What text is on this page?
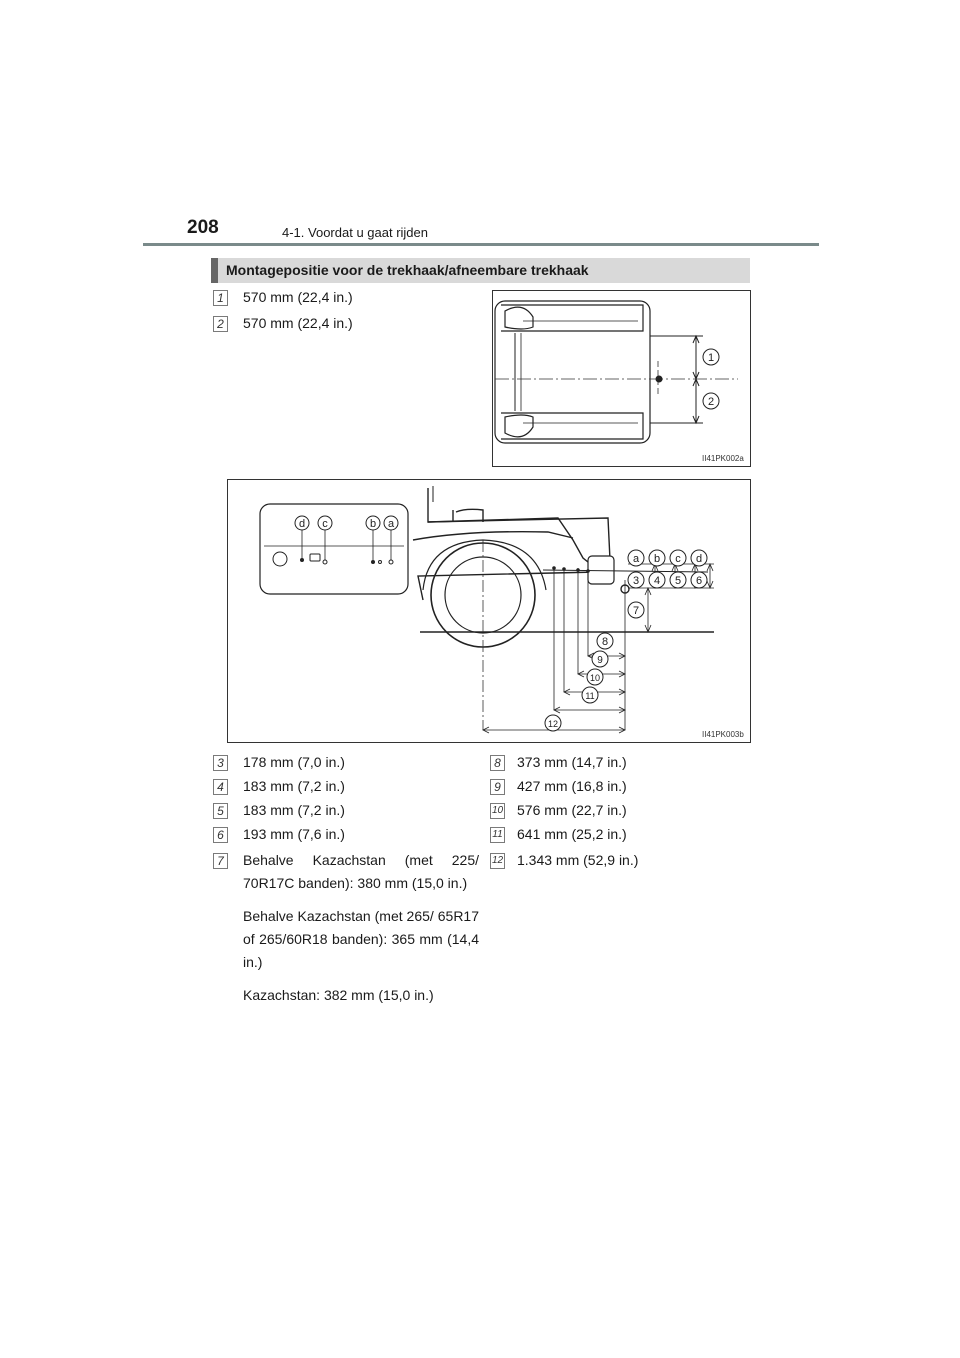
208	4-1. Voordat u gaat rijden
Montagepositie voor de trekhaak/afneembare trekhaak
1 570 mm (22,4 in.)
2 570 mm (22,4 in.)
1
2
II41PK002a
d c	b a
a b c d
3 4 5 6
7
8
9
10
11
12
II41PK003b
3 178 mm (7,0 in.)
4 183 mm (7,2 in.)
5 183 mm (7,2 in.)
6 193 mm (7,6 in.)
7 Behalve Kazachstan (met 225/ 70R17C banden): 380 mm (15,0 in.)
Behalve Kazachstan (met 265/ 65R17 of 265/60R18 banden): 365 mm (14,4 in.)
Kazachstan: 382 mm (15,0 in.)
8 373 mm (14,7 in.)
9 427 mm (16,8 in.)
10 576 mm (22,7 in.)
11 641 mm (25,2 in.)
12 1.343 mm (52,9 in.)
